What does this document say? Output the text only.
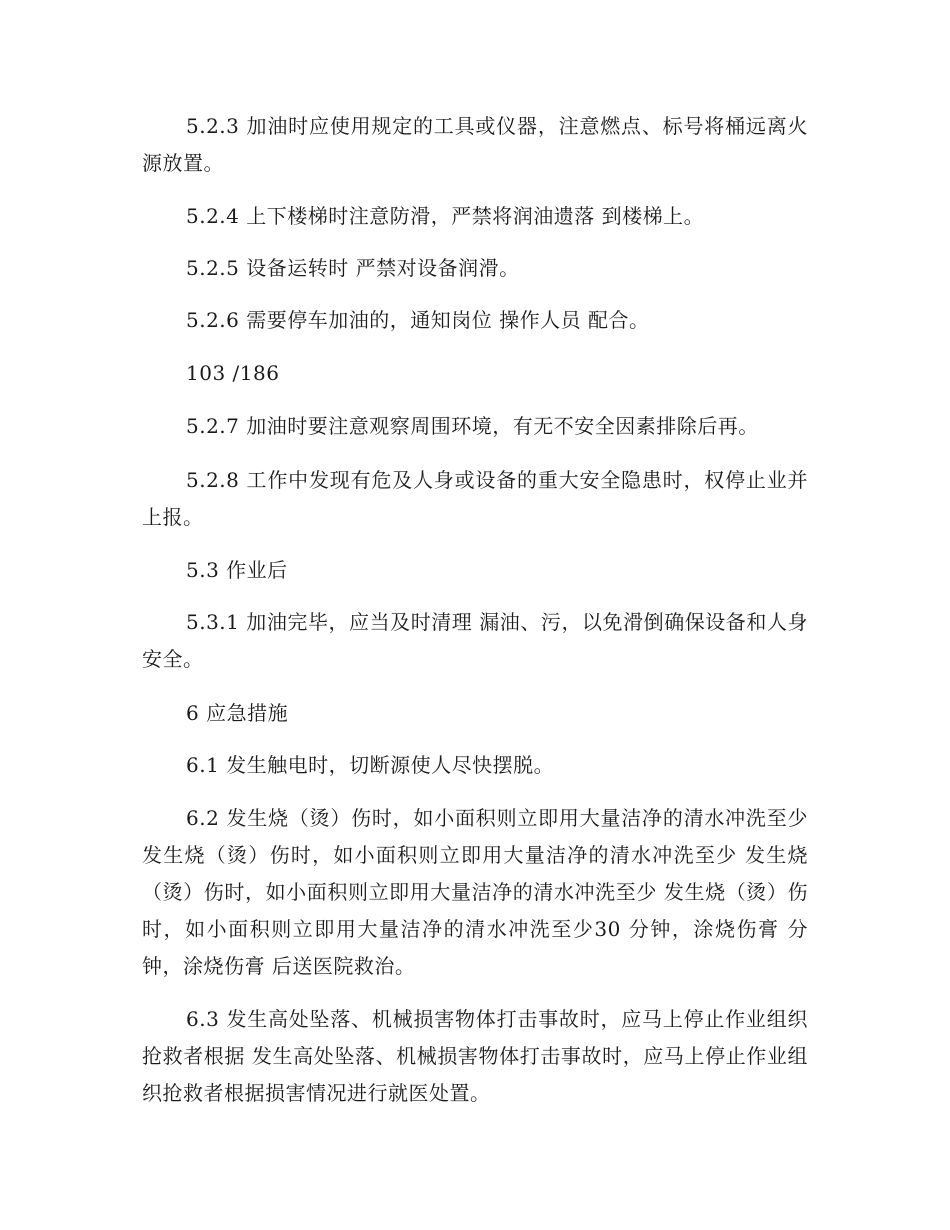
5.2.3 加油时应使用规定的工具或仪器，注意燃点、标号将桶远离火源放置。

5.2.4 上下楼梯时注意防滑，严禁将润油遗落 到楼梯上。

5.2.5 设备运转时 严禁对设备润滑。

5.2.6 需要停车加油的，通知岗位 操作人员 配合。

103 /186

5.2.7 加油时要注意观察周围环境，有无不安全因素排除后再。

5.2.8 工作中发现有危及人身或设备的重大安全隐患时，权停止业并上报。

5.3 作业后

5.3.1 加油完毕，应当及时清理 漏油、污，以免滑倒确保设备和人身安全。

6 应急措施

6.1 发生触电时，切断源使人尽快摆脱。

6.2 发生烧（烫）伤时，如小面积则立即用大量洁净的清水冲洗至少 发生烧（烫）伤时，如小面积则立即用大量洁净的清水冲洗至少 发生烧（烫）伤时，如小面积则立即用大量洁净的清水冲洗至少 发生烧（烫）伤时，如小面积则立即用大量洁净的清水冲洗至少30 分钟，涂烧伤膏 分钟，涂烧伤膏 后送医院救治。

6.3 发生高处坠落、机械损害物体打击事故时，应马上停止作业组织抢救者根据 发生高处坠落、机械损害物体打击事故时，应马上停止作业组织抢救者根据损害情况进行就医处置。
